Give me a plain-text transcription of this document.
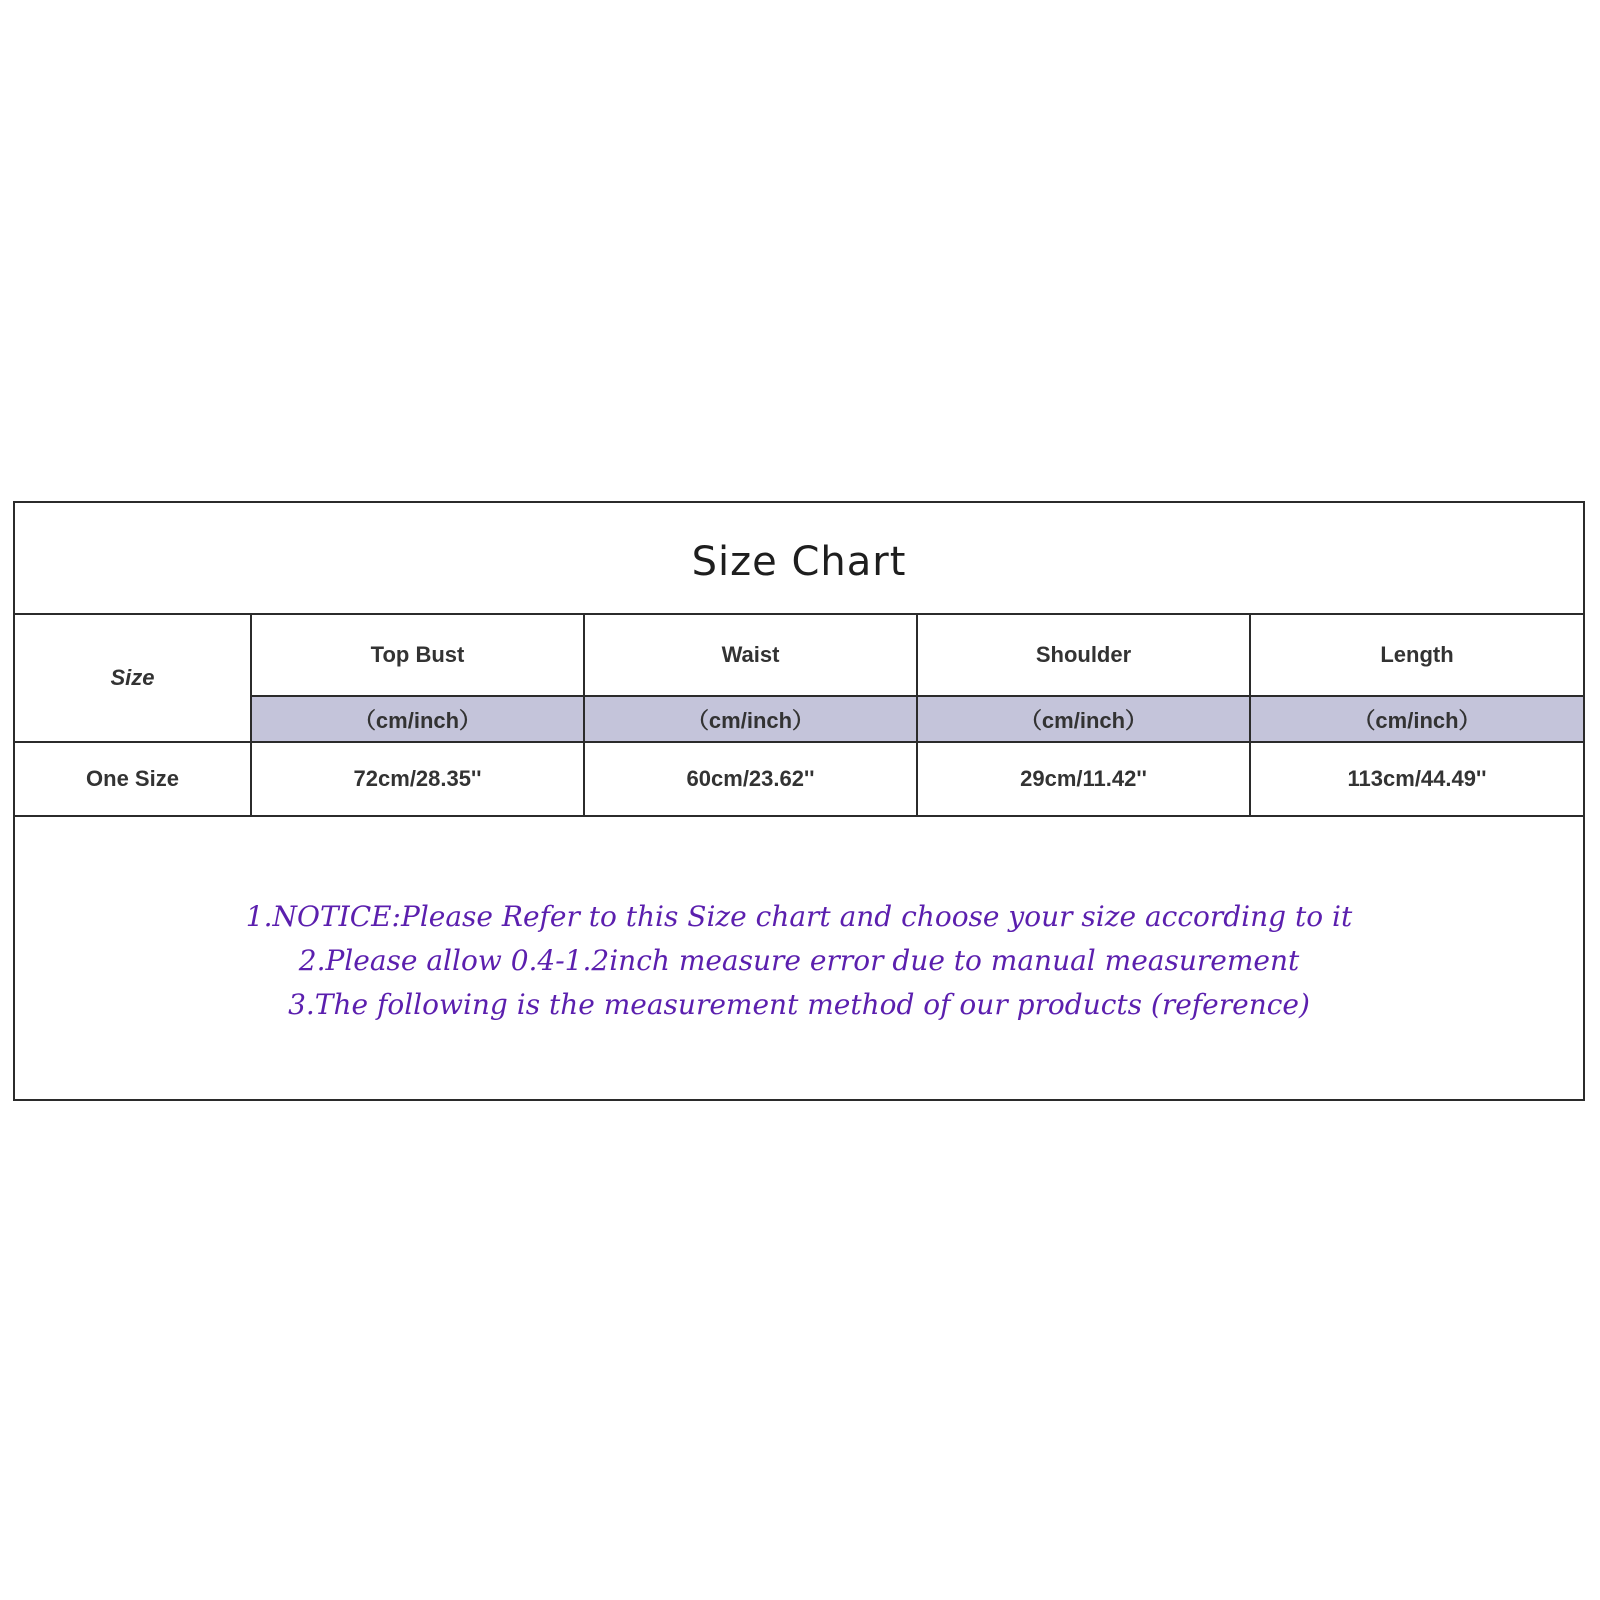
Size Chart
Size	Top Bust	Waist	Shoulder	Length
	（cm/inch）	（cm/inch）	（cm/inch）	（cm/inch）
One Size	72cm/28.35''	60cm/23.62''	29cm/11.42''	113cm/44.49''
1.NOTICE:Please Refer to this Size chart and choose your size according to it
2.Please allow 0.4-1.2inch measure error due to manual measurement
3.The following is the measurement method of our products (reference)
